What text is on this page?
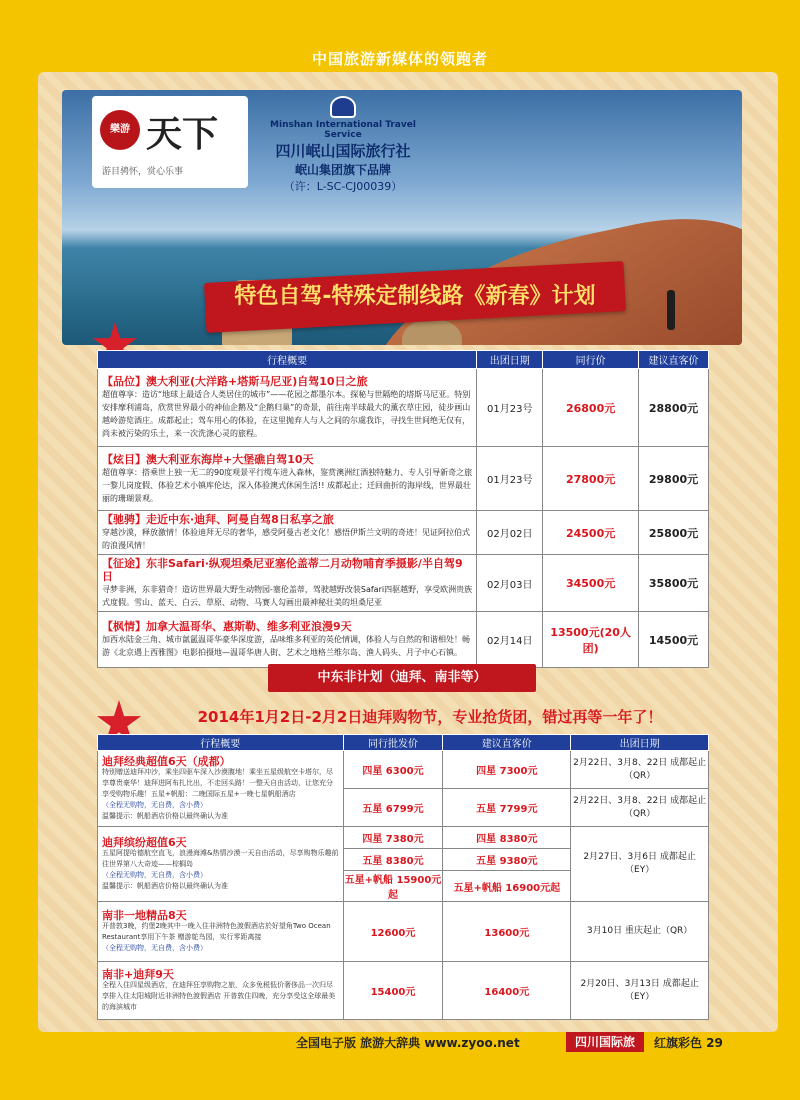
中国旅游新媒体的领跑者
樂游 天下
游目骋怀，赏心乐事
Minshan International Travel Service
四川岷山国际旅行社
岷山集团旗下品牌
（许：L-SC-CJ00039）
特色自驾-特殊定制线路《新春》计划
行程概要	出团日期	同行价	建议直客价

【品位】澳大利亚(大洋路+塔斯马尼亚)自驾10日之旅
超值尊享：造访“地球上最适合人类居住的城市”——花园之都墨尔本。探秘与世隔绝的塔斯马尼亚。特别安排摩利浦岛，欣赏世界最小的神仙企鹅及“企鹅归巢”的奇景，前往南半球最大的薰衣草庄园，徒步画山越岭游览酒庄。成都起止；驾车用心的体验，在这里抛弃人与人之间的尔虞我诈，寻找生世间绝无仅有，尚未被污染的乐土，来一次洗涤心灵的旅程。	01月23号	26800元	28800元

【炫目】澳大利亚东海岸+大堡礁自驾10天
超值尊享：搭乘世上独一无二的90度观景平行缆车进入森林，鉴赏澳洲红酒独特魅力、专人引导新奇之旅一黎儿岗度假、体验艺术小镇库伦达，深入体验澳式休闲生活!! 成都起止；迁回曲折的海岸线，世界最壮丽的珊瑚景观。	01月23号	27800元	29800元

【驰骋】走近中东·迪拜、阿曼自驾8日私享之旅
穿越沙漠，释放激情！体验迪拜无尽的奢华，感受阿曼古老文化！感悟伊斯兰文明的奇迹！见证阿拉伯式的浪漫风情！	02月02日	24500元	25800元

【征途】东非Safari·纵观坦桑尼亚塞伦盖蒂二月动物哺育季摄影/半自驾9日
寻梦非洲，东非猎奇！造访世界最大野生动物园-塞伦盖蒂，驾驶越野改装Safari四驱越野，享受欧洲贵族式度假。雪山、蓝天、白云、草原、动物、马赛人勾画出最神秘壮美的坦桑尼亚	02月03日	34500元	35800元

【枫情】加拿大温哥华、惠斯勒、维多利亚浪漫9天
加西水陆金三角、城市氤氲温哥华豪华深度游，品味维多利亚的英伦情调，体验人与自然的和谐相处！畅游《北京遇上西雅图》电影拍摄地—温哥华唐人街、艺术之地格兰维尔岛、渔人码头、月子中心石镇。	02月14日	13500元(20人团)	14500元
中东非计划（迪拜、南非等）
2014年1月2日-2月2日迪拜购物节，专业抢货团，错过再等一年了！
行程概要	同行批发价	建议直客价	出团日期

迪拜经典超值6天（成都）
特别赠送迪拜冲沙，乘坐四驱车深入沙漠腹地！乘坐五星级航空卡塔尔，尽享尊贵豪华！迪拜进阿布扎比出，不走回头路！一整天自由活动，让您充分享受购物乐趣！五星+帆船：二晚国际五星+一晚七星帆船酒店
（全程无购物，无自费，含小费）
温馨提示：帆船酒店价格以最终确认为准	四星 6300元	四星 7300元	2月22日、3月8、22日 成都起止（QR）
	五星 6799元	五星 7799元	2月22日、3月8、22日 成都起止（QR）

迪拜缤纷超值6天
五星阿提哈德航空直飞，浪漫海滩&热情沙漠一天自由活动，尽享购物乐趣前往世界第八大奇迹——棕榈岛
（全程无购物，无自费，含小费）
温馨提示：帆船酒店价格以最终确认为准	四星 7380元	四星 8380元	2月27日、3月6日 成都起止（EY）
	五星 8380元	五星 9380元	
	五星+帆船 15900元起	五星+帆船 16900元起	

南非一地精品8天
开普敦3晚，约堡2晚其中一晚入住非洲特色渡假酒店於好望角Two Ocean Restaurant享用下午茶 赠游鸵鸟园，实行零距离接
（全程无购物，无自费，含小费）	12600元	13600元	3月10日 重庆起止（QR）

南非+迪拜9天
全程入住四星级酒店，在迪拜狂享购物之旅，众多免税低价奢侈品一次归尽享排入住太阳城附近非洲特色渡假酒店 开普敦住四晚，充分享受这全球最美的海滨城市	15400元	16400元	2月20日、3月13日 成都起止（EY）
全国电子版 旅游大辞典 www.zyoo.net	四川国际旅	红旗彩色 29
